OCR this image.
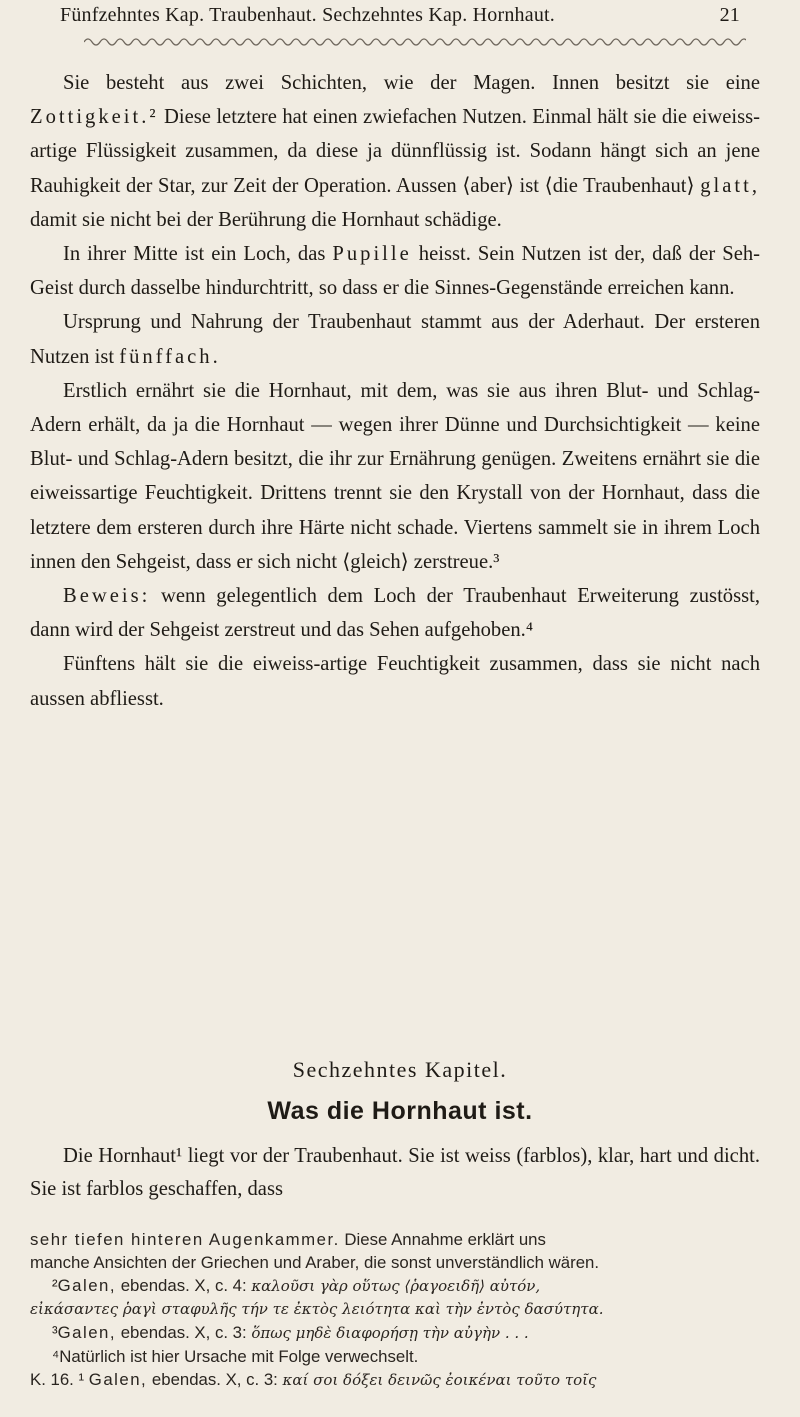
Fünfzehntes Kap. Traubenhaut. Sechzehntes Kap. Hornhaut.	21

Sie besteht aus zwei Schichten, wie der Magen. Innen besitzt sie eine Zottigkeit.² Diese letztere hat einen zwiefachen Nutzen. Einmal hält sie die eiweiss-artige Flüssigkeit zusammen, da diese ja dünnflüssig ist. Sodann hängt sich an jene Rauhigkeit der Star, zur Zeit der Operation. Aussen ⟨aber⟩ ist ⟨die Traubenhaut⟩ glatt, damit sie nicht bei der Berührung die Hornhaut schädige.

In ihrer Mitte ist ein Loch, das Pupille heisst. Sein Nutzen ist der, daß der Seh-Geist durch dasselbe hindurchtritt, so dass er die Sinnes-Gegenstände erreichen kann.

Ursprung und Nahrung der Traubenhaut stammt aus der Aderhaut. Der ersteren Nutzen ist fünffach.

Erstlich ernährt sie die Hornhaut, mit dem, was sie aus ihren Blut- und Schlag-Adern erhält, da ja die Hornhaut — wegen ihrer Dünne und Durchsichtigkeit — keine Blut- und Schlag-Adern besitzt, die ihr zur Ernährung genügen. Zweitens ernährt sie die eiweissartige Feuchtigkeit. Drittens trennt sie den Krystall von der Hornhaut, dass die letztere dem ersteren durch ihre Härte nicht schade. Viertens sammelt sie in ihrem Loch innen den Sehgeist, dass er sich nicht ⟨gleich⟩ zerstreue.³

Beweis: wenn gelegentlich dem Loch der Traubenhaut Erweiterung zustösst, dann wird der Sehgeist zerstreut und das Sehen aufgehoben.⁴

Fünftens hält sie die eiweiss-artige Feuchtigkeit zusammen, dass sie nicht nach aussen abfliesst.

Sechzehntes Kapitel.
Was die Hornhaut ist.

Die Hornhaut¹ liegt vor der Traubenhaut. Sie ist weiss (farblos), klar, hart und dicht. Sie ist farblos geschaffen, dass

sehr tiefen hinteren Augenkammer. Diese Annahme erklärt uns

manche Ansichten der Griechen und Araber, die sonst unverständlich wären.

²Galen, ebendas. X, c. 4: καλοῦσι γὰρ οὕτως ⟨ῥαγοειδῆ⟩ αὐτόν,

εἰκάσαντες ῥαγὶ σταφυλῆς τήν τε ἐκτὸς λειότητα καὶ τὴν ἐντὸς δασύτητα.

³Galen, ebendas. X, c. 3: ὅπως μηδὲ διαφορήσῃ τὴν αὐγὴν . . .

⁴Natürlich ist hier Ursache mit Folge verwechselt.

K. 16. ¹ Galen, ebendas. X, c. 3: καί σοι δόξει δεινῶς ἐοικέναι τοῦτο τοῖς
